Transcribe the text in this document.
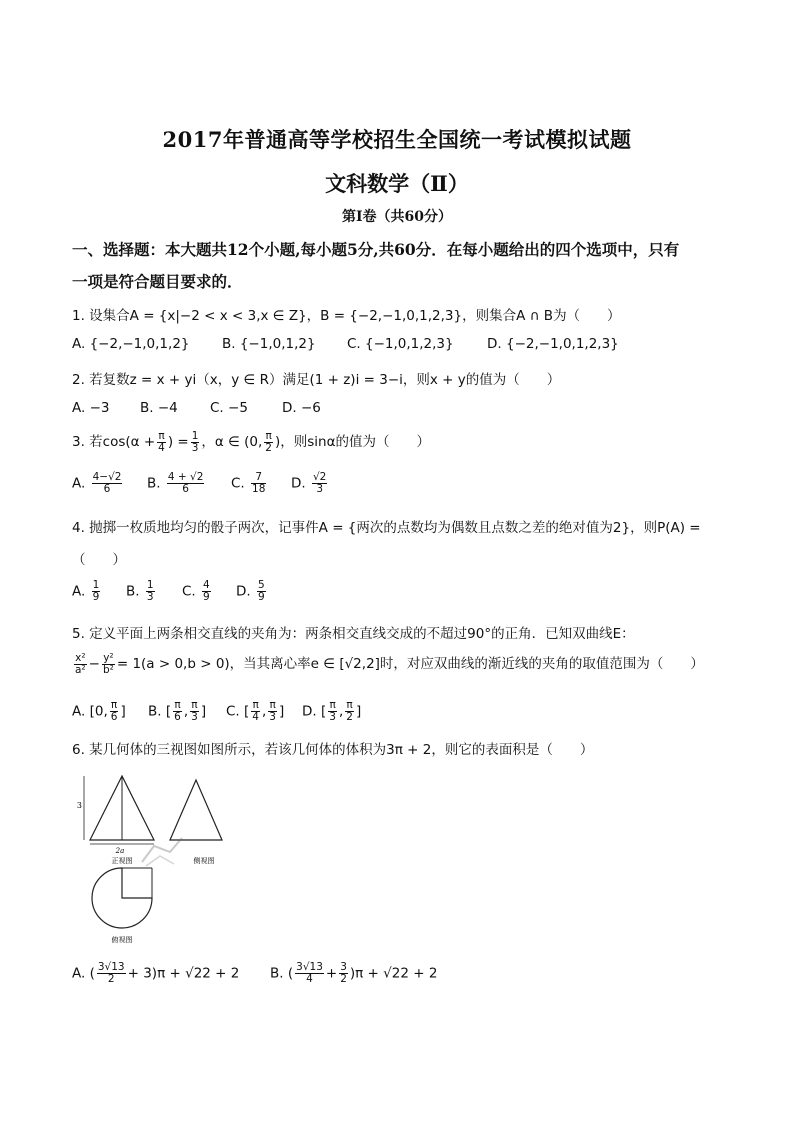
2017年普通高等学校招生全国统一考试模拟试题
文科数学（Ⅱ）
第Ⅰ卷（共60分）
一、选择题：本大题共12个小题,每小题5分,共60分．在每小题给出的四个选项中，只有
一项是符合题目要求的．
1. 设集合A = {x|−2 < x < 3,x ∈ Z}，B = {−2,−1,0,1,2,3}，则集合A ∩ B为（　　）
A. {−2,−1,0,1,2} B. {−1,0,1,2} C. {−1,0,1,2,3} D. {−2,−1,0,1,2,3}
2. 若复数z = x + yi（x，y ∈ R）满足(1 + z)i = 3−i，则x + y的值为（　　）
A. −3 B. −4 C. −5	D. −6
3. 若$\cos(\alpha + \frac{\pi}{4}$ ) = $\frac{1}{3}$ ，α ∈ (0, $\frac{\pi}{2}$ )，则sinα的值为（　　）
A. $\frac{4-√2}{6} B$. $\frac{4 + √2}{6} C$. $\frac{7}{18} D$. $\frac{√2}{3}$
4. 抛掷一枚质地均匀的骰子两次，记事件A = {两次的点数均为偶数且点数之差的绝对值为2}，则P(A) =
（　　）
A. $\frac{1}{9} B$. $\frac{1}{3} C$. $\frac{4}{9} D$. $\frac{5}{9}$
5. 定义平面上两条相交直线的夹角为：两条相交直线交成的不超过90°的正角．已知双曲线E：
$\frac{\text{x²}}{\text{a²}} - \frac{\text{y²}}{\text{b²}} = 1(a > 0,b > 0)$，当其离心率e ∈ [√2,2]时，对应双曲线的渐近线的夹角的取值范围为（　　）
A. [0, $\frac{\pi}{6}$ ] B. [ $\frac{\pi}{6}$ , $\frac{\pi}{3}$ ] C. [ $\frac{\pi}{4}$ , $\frac{\pi}{3}$ ] D. [ $\frac{\pi}{3}$ , $\frac{\pi}{2}$ ]
6. 某几何体的三视图如图所示，若该几何体的体积为3π + 2，则它的表面积是（　　）
3
2a
正视图	侧视图
俯视图
A. ( $\frac{3√13}{2} + 3)\pi + √22 + 2$ B. ( $\frac{3√13}{4} + \frac{3}{2} )\pi + √22 + 2$
